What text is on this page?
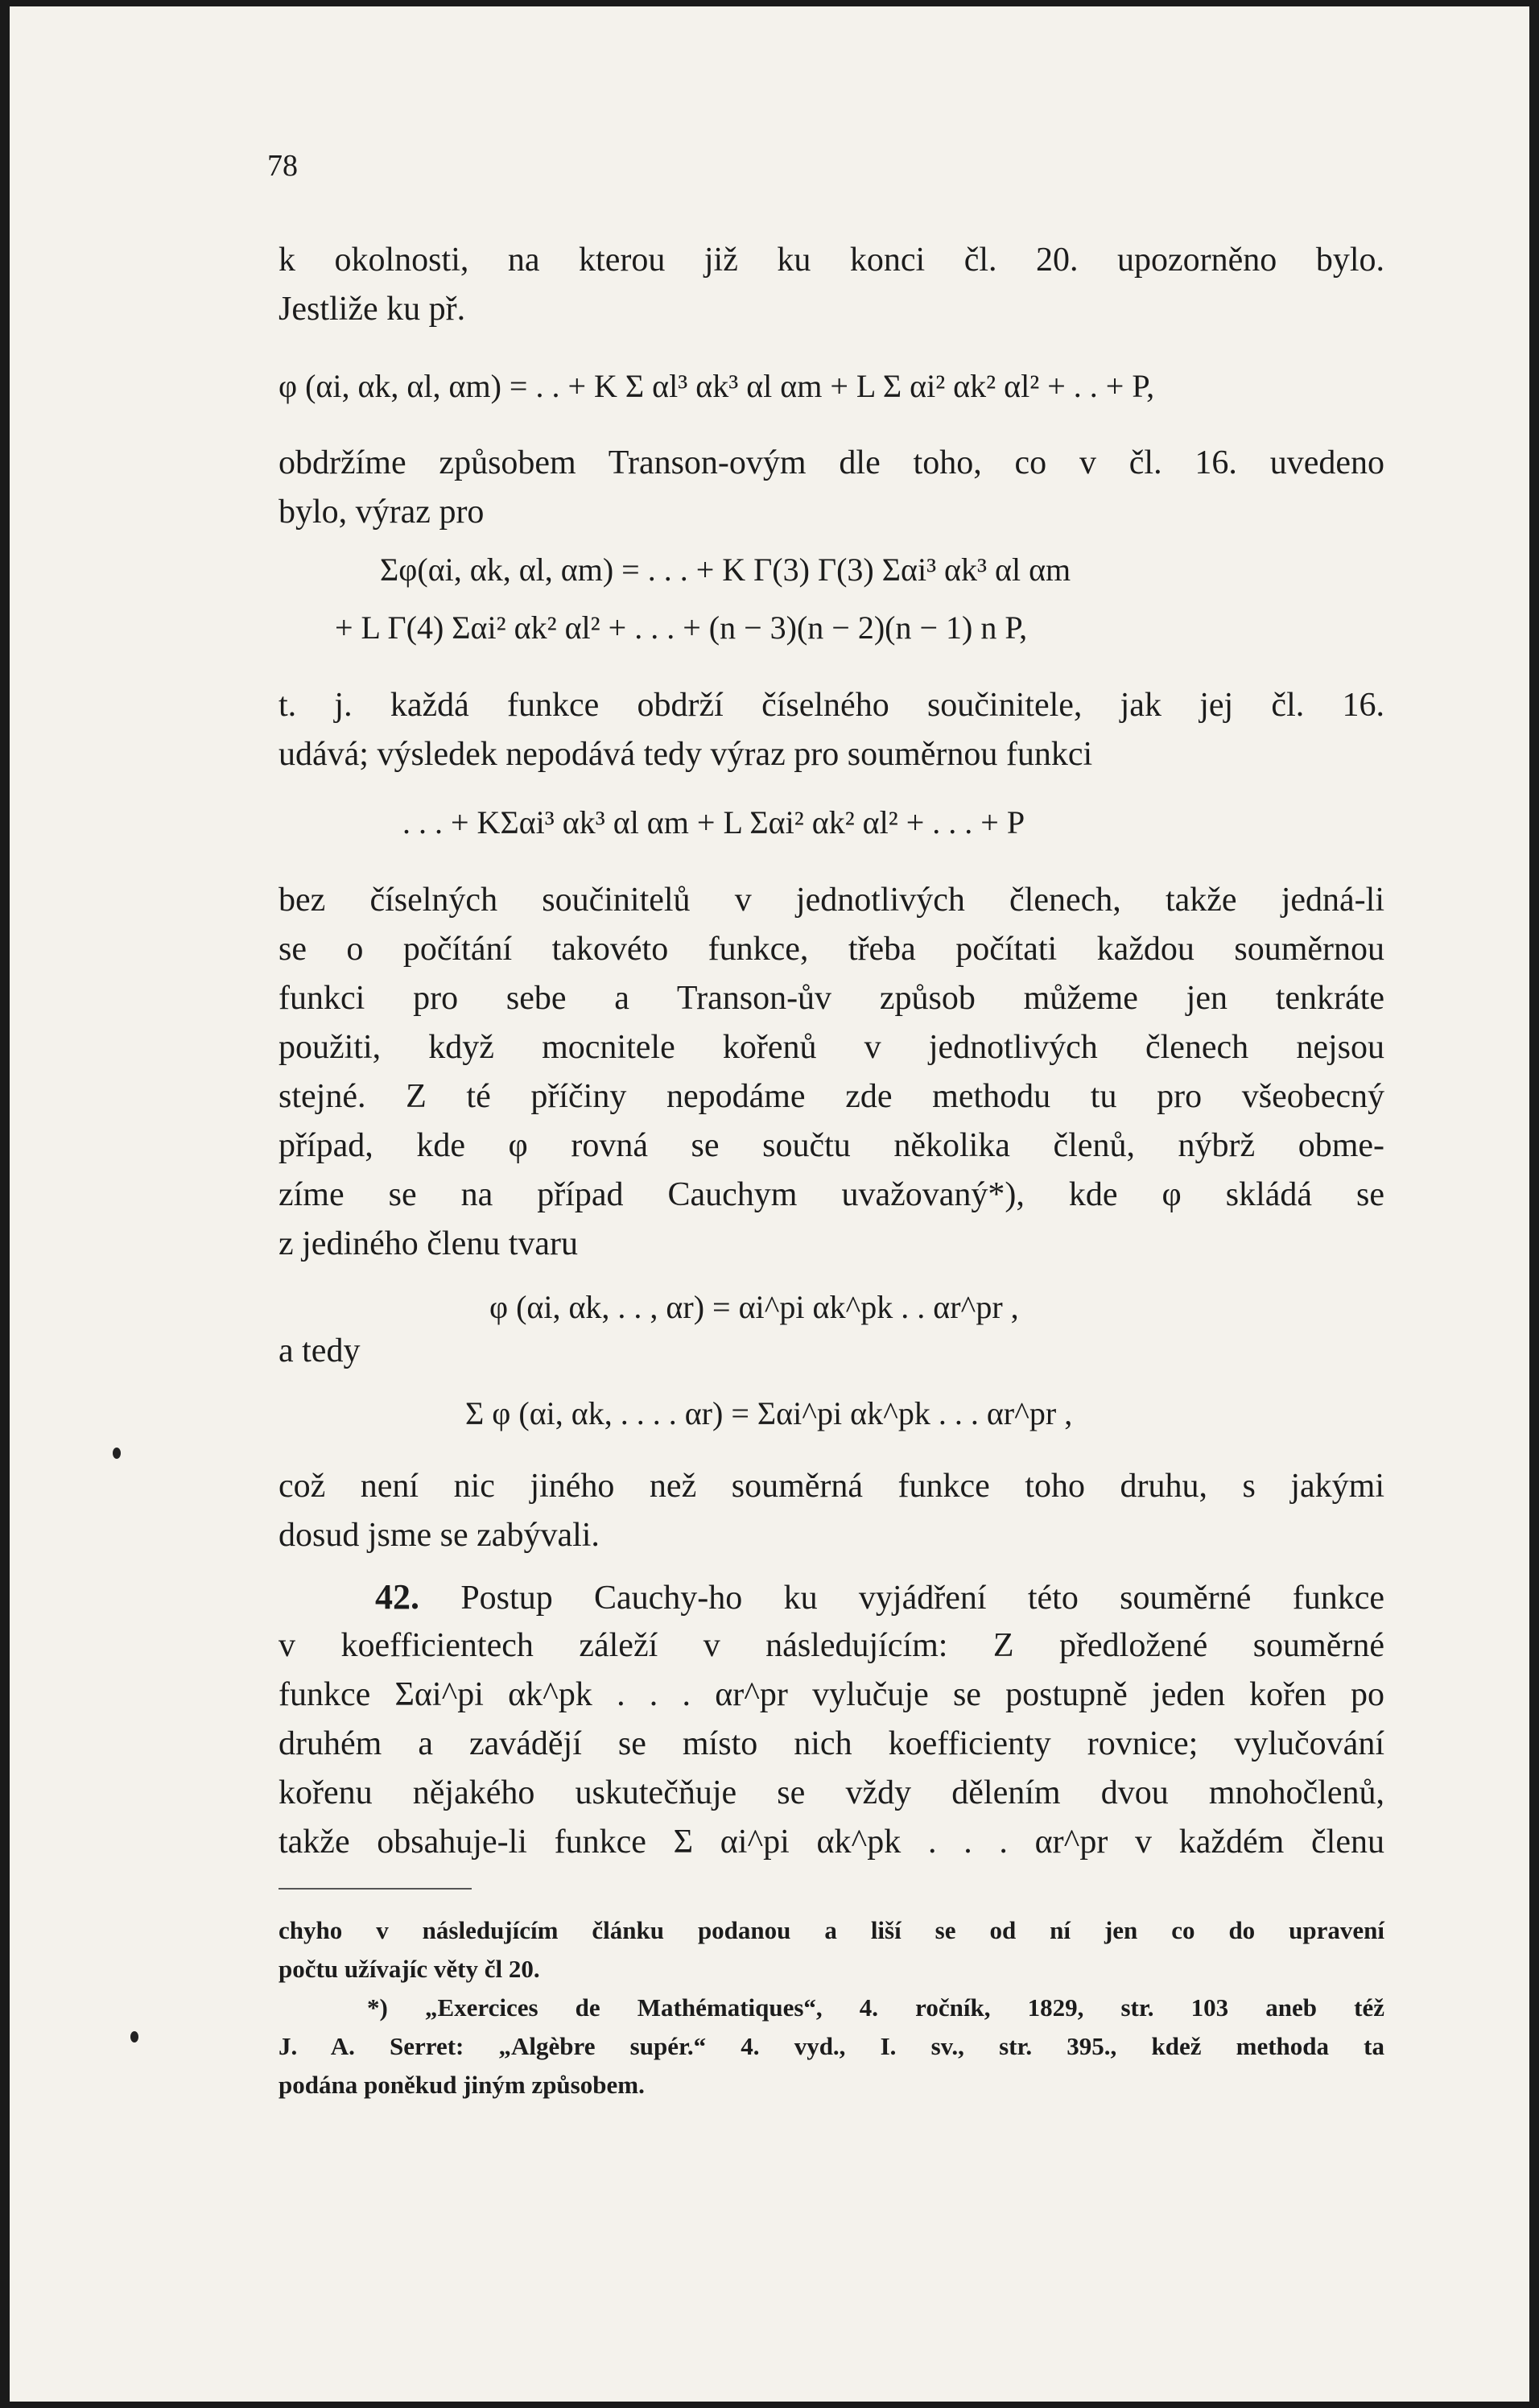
78

k okolnosti, na kterou již ku konci čl. 20. upozorněno bylo.

Jestliže ku př.

φ (αi, αk, αl, αm) = . . + K Σ αl³ αk³ αl αm + L Σ αi² αk² αl² + . . + P,

obdržíme způsobem Transon-ovým dle toho, co v čl. 16. uvedeno

bylo, výraz pro

Σφ(αi, αk, αl, αm) = . . . + K Γ(3) Γ(3) Σαi³ αk³ αl αm
+ L Γ(4) Σαi² αk² αl² + . . . + (n − 3)(n − 2)(n − 1) n P,

t. j. každá funkce obdrží číselného součinitele, jak jej čl. 16.

udává; výsledek nepodává tedy výraz pro souměrnou funkci

. . . + KΣαi³ αk³ αl αm + L Σαi² αk² αl² + . . . + P

bez číselných součinitelů v jednotlivých členech, takže jedná-li

se o počítání takovéto funkce, třeba počítati každou souměrnou

funkci pro sebe a Transon-ův způsob můžeme jen tenkráte

použiti, když mocnitele kořenů v jednotlivých členech nejsou

stejné. Z té příčiny nepodáme zde methodu tu pro všeobecný

případ, kde φ rovná se součtu několika členů, nýbrž obme-

zíme se na případ Cauchym uvažovaný*), kde φ skládá se

z jediného členu tvaru

φ (αi, αk, . . , αr) = αi^pi αk^pk . . αr^pr ,
a tedy
Σ φ (αi, αk, . . . . αr) = Σαi^pi αk^pk . . . αr^pr ,

což není nic jiného než souměrná funkce toho druhu, s jakými

dosud jsme se zabývali.

42. Postup Cauchy-ho ku vyjádření této souměrné funkce

v koefficientech záleží v následujícím: Z předložené souměrné

funkce Σαi^pi αk^pk . . . αr^pr vylučuje se postupně jeden kořen po

druhém a zavádějí se místo nich koefficienty rovnice; vylučování

kořenu nějakého uskutečňuje se vždy dělením dvou mnohočlenů,

takže obsahuje-li funkce Σ αi^pi αk^pk . . . αr^pr v každém členu

chyho v následujícím článku podanou a liší se od ní jen co do upravení

počtu užívajíc věty čl 20.

*) „Exercices de Mathématiques“, 4. ročník, 1829, str. 103 aneb též

J. A. Serret: „Algèbre supér.“ 4. vyd., I. sv., str. 395., kdež methoda ta

podána poněkud jiným způsobem.
